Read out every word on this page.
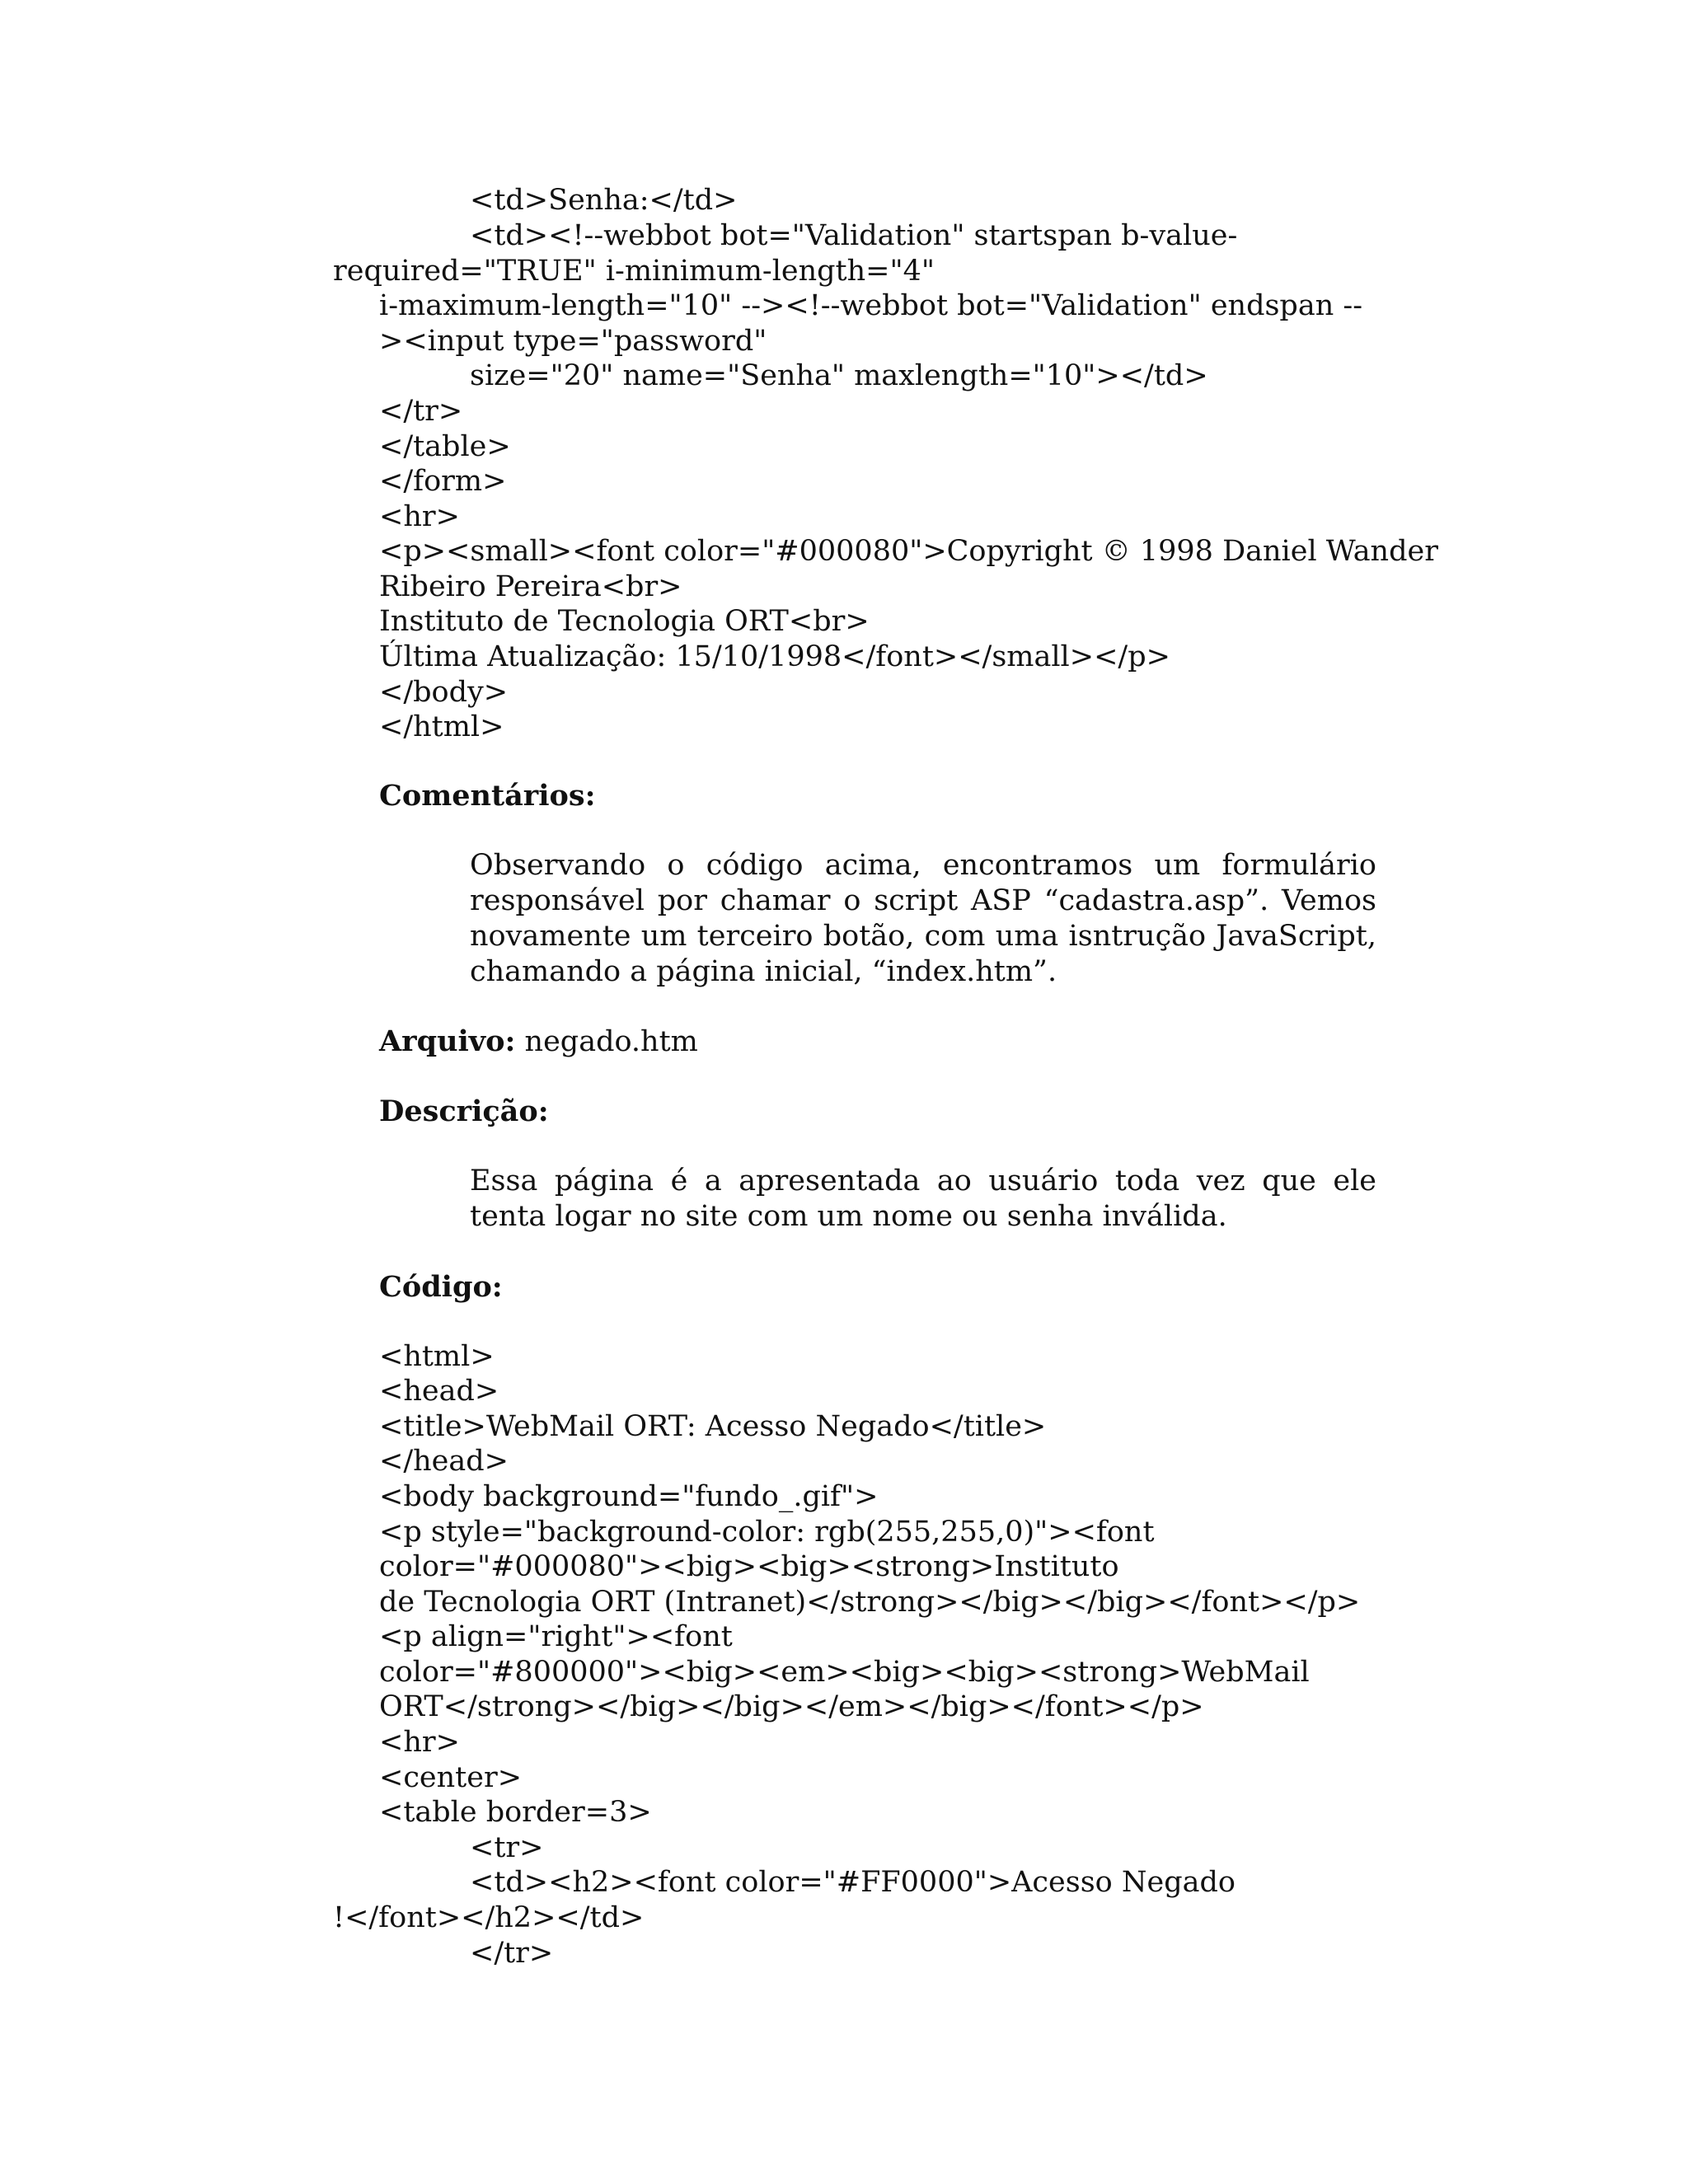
<td>Senha:</td>

<td><!--webbot bot="Validation" startspan b-value-

required="TRUE" i-minimum-length="4"

i-maximum-length="10" --><!--webbot bot="Validation" endspan --

><input type="password"

size="20" name="Senha" maxlength="10"></td>

</tr>

</table>

</form>

<hr>

<p><small><font color="#000080">Copyright © 1998 Daniel Wander

Ribeiro Pereira<br>

Instituto de Tecnologia ORT<br>

Última Atualização: 15/10/1998</font></small></p>

</body>

</html>

Comentários:

Observando o código acima, encontramos um formulário responsável por chamar o script ASP “cadastra.asp”. Vemos novamente um terceiro botão, com uma isntrução JavaScript, chamando a página inicial, “index.htm”.

Arquivo: negado.htm

Descrição:

Essa página é a apresentada ao usuário toda vez que ele tenta logar no site com um nome ou senha inválida.

Código:

<html>

<head>

<title>WebMail ORT: Acesso Negado</title>

</head>

<body background="fundo_.gif">

<p style="background-color: rgb(255,255,0)"><font

color="#000080"><big><big><strong>Instituto

de Tecnologia ORT (Intranet)</strong></big></big></font></p>

<p align="right"><font

color="#800000"><big><em><big><big><strong>WebMail

ORT</strong></big></big></em></big></font></p>

<hr>

<center>

<table border=3>

<tr>

<td><h2><font color="#FF0000">Acesso Negado

!</font></h2></td>

</tr>
